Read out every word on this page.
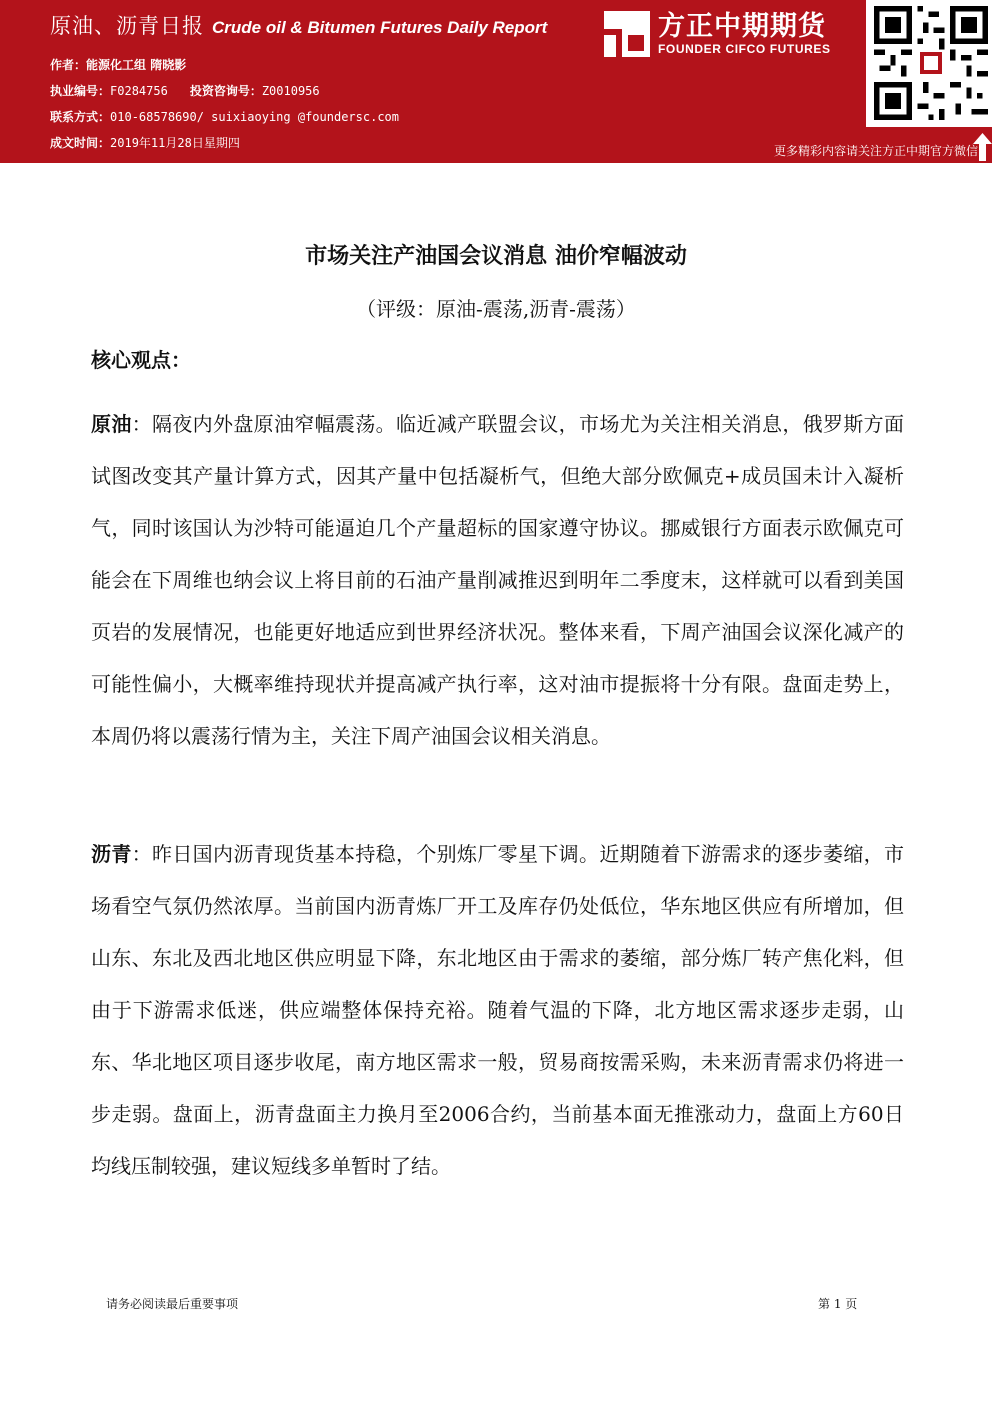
原油、沥青日报 Crude oil & Bitumen Futures Daily Report
作者：能源化工组 隋晓影
执业编号：F0284756 投资咨询号：Z0010956
联系方式：010-68578690/ suixiaoying @foundersc.com
成文时间：2019年11月28日星期四
方正中期期货
FOUNDER CIFCO FUTURES
更多精彩内容请关注方正中期官方微信
市场关注产油国会议消息 油价窄幅波动
（评级：原油-震荡,沥青-震荡）
核心观点：
原油：隔夜内外盘原油窄幅震荡。临近减产联盟会议，市场尤为关注相关消息，俄罗斯方面试图改变其产量计算方式，因其产量中包括凝析气，但绝大部分欧佩克+成员国未计入凝析气，同时该国认为沙特可能逼迫几个产量超标的国家遵守协议。挪威银行方面表示欧佩克可能会在下周维也纳会议上将目前的石油产量削减推迟到明年二季度末，这样就可以看到美国页岩的发展情况，也能更好地适应到世界经济状况。整体来看，下周产油国会议深化减产的可能性偏小，大概率维持现状并提高减产执行率，这对油市提振将十分有限。盘面走势上，本周仍将以震荡行情为主，关注下周产油国会议相关消息。
沥青：昨日国内沥青现货基本持稳，个别炼厂零星下调。近期随着下游需求的逐步萎缩，市场看空气氛仍然浓厚。当前国内沥青炼厂开工及库存仍处低位，华东地区供应有所增加，但山东、东北及西北地区供应明显下降，东北地区由于需求的萎缩，部分炼厂转产焦化料，但由于下游需求低迷，供应端整体保持充裕。随着气温的下降，北方地区需求逐步走弱，山东、华北地区项目逐步收尾，南方地区需求一般，贸易商按需采购，未来沥青需求仍将进一步走弱。盘面上，沥青盘面主力换月至2006合约，当前基本面无推涨动力，盘面上方60日均线压制较强，建议短线多单暂时了结。
请务必阅读最后重要事项	第 1 页
